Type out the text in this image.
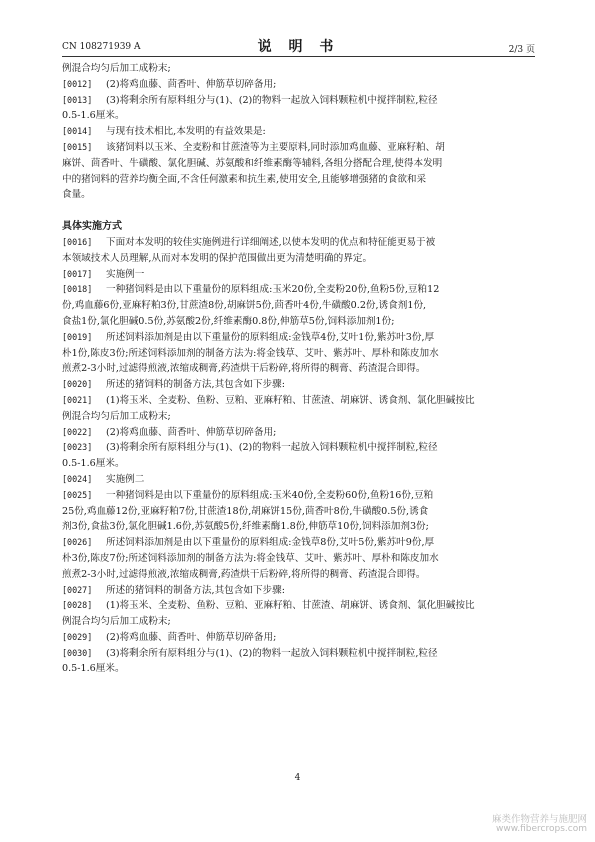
CN 108271939 A	说 明 书	2/3 页
例混合均匀后加工成粉末;
[0012] (2)将鸡血藤、茴香叶、伸筋草切碎备用;
[0013] (3)将剩余所有原料组分与(1)、(2)的物料一起放入饲料颗粒机中搅拌制粒,粒径
0.5-1.6厘米。
[0014] 与现有技术相比,本发明的有益效果是:
[0015] 该猪饲料以玉米、全麦粉和甘蔗渣等为主要原料,同时添加鸡血藤、亚麻籽粕、胡
麻饼、茴香叶、牛磺酸、氯化胆碱、苏氨酸和纤维素酶等辅料,各组分搭配合理,使得本发明
中的猪饲料的营养均衡全面,不含任何激素和抗生素,使用安全,且能够增强猪的食欲和采
食量。
具体实施方式
[0016] 下面对本发明的较佳实施例进行详细阐述,以使本发明的优点和特征能更易于被
本领域技术人员理解,从而对本发明的保护范围做出更为清楚明确的界定。
[0017] 实施例一
[0018] 一种猪饲料是由以下重量份的原料组成:玉米20份,全麦粉20份,鱼粉5份,豆粕12
份,鸡血藤6份,亚麻籽粕3份,甘蔗渣8份,胡麻饼5份,茴香叶4份,牛磺酸0.2份,诱食剂1份,
食盐1份,氯化胆碱0.5份,苏氨酸2份,纤维素酶0.8份,伸筋草5份,饲料添加剂1份;
[0019] 所述饲料添加剂是由以下重量份的原料组成:金钱草4份,艾叶1份,紫苏叶3份,厚
朴1份,陈皮3份;所述饲料添加剂的制备方法为:将金钱草、艾叶、紫苏叶、厚朴和陈皮加水
煎煮2-3小时,过滤得煎液,浓缩成稠膏,药渣烘干后粉碎,将所得的稠膏、药渣混合即得。
[0020] 所述的猪饲料的制备方法,其包含如下步骤:
[0021] (1)将玉米、全麦粉、鱼粉、豆粕、亚麻籽粕、甘蔗渣、胡麻饼、诱食剂、氯化胆碱按比
例混合均匀后加工成粉末;
[0022] (2)将鸡血藤、茴香叶、伸筋草切碎备用;
[0023] (3)将剩余所有原料组分与(1)、(2)的物料一起放入饲料颗粒机中搅拌制粒,粒径
0.5-1.6厘米。
[0024] 实施例二
[0025] 一种猪饲料是由以下重量份的原料组成:玉米40份,全麦粉60份,鱼粉16份,豆粕
25份,鸡血藤12份,亚麻籽粕7份,甘蔗渣18份,胡麻饼15份,茴香叶8份,牛磺酸0.5份,诱食
剂3份,食盐3份,氯化胆碱1.6份,苏氨酸5份,纤维素酶1.8份,伸筋草10份,饲料添加剂3份;
[0026] 所述饲料添加剂是由以下重量份的原料组成:金钱草8份,艾叶5份,紫苏叶9份,厚
朴3份,陈皮7份;所述饲料添加剂的制备方法为:将金钱草、艾叶、紫苏叶、厚朴和陈皮加水
煎煮2-3小时,过滤得煎液,浓缩成稠膏,药渣烘干后粉碎,将所得的稠膏、药渣混合即得。
[0027] 所述的猪饲料的制备方法,其包含如下步骤:
[0028] (1)将玉米、全麦粉、鱼粉、豆粕、亚麻籽粕、甘蔗渣、胡麻饼、诱食剂、氯化胆碱按比
例混合均匀后加工成粉末;
[0029] (2)将鸡血藤、茴香叶、伸筋草切碎备用;
[0030] (3)将剩余所有原料组分与(1)、(2)的物料一起放入饲料颗粒机中搅拌制粒,粒径
0.5-1.6厘米。
4
麻类作物营养与施肥网
www.fibercrops.com
